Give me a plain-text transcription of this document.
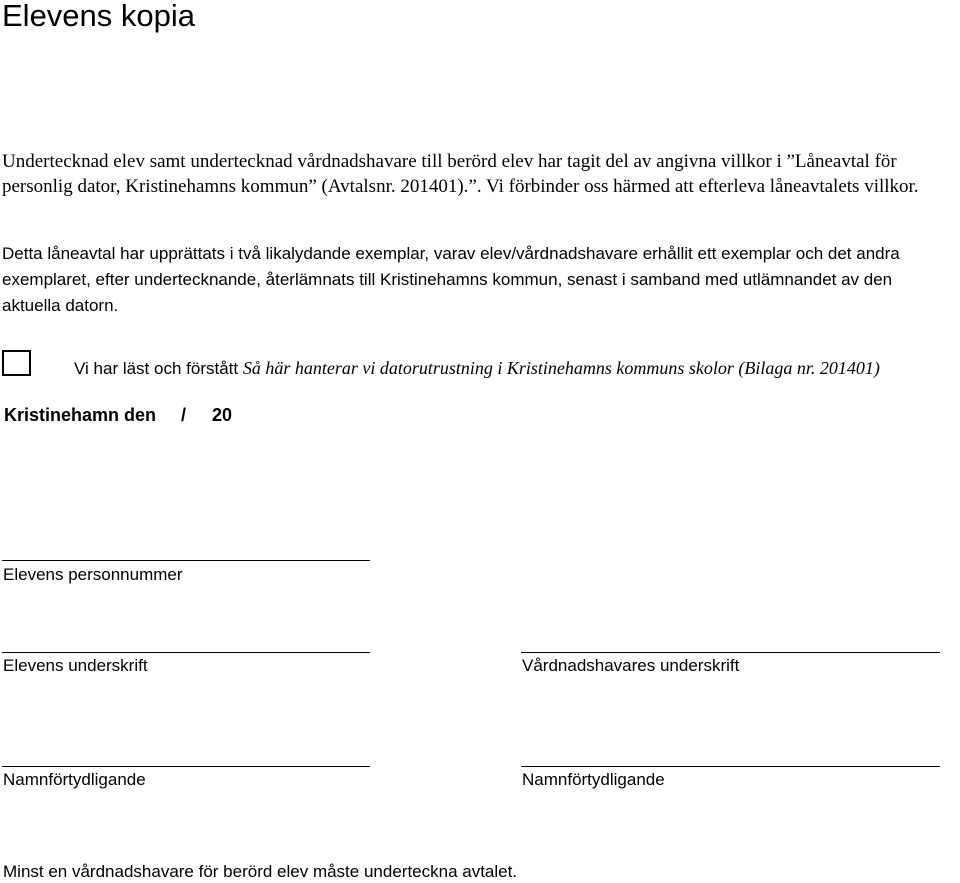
Elevens kopia
Undertecknad elev samt undertecknad vårdnadshavare till berörd elev har tagit del av angivna villkor i ”Låneavtal för personlig dator, Kristinehamns kommun” (Avtalsnr. 201401).”. Vi förbinder oss härmed att efterleva låneavtalets villkor.
Detta låneavtal har upprättats i två likalydande exemplar, varav elev/vårdnadshavare erhållit ett exemplar och det andra exemplaret, efter undertecknande, återlämnats till Kristinehamns kommun, senast i samband med utlämnandet av den aktuella datorn.
Vi har läst och förstått Så här hanterar vi datorutrustning i Kristinehamns kommuns skolor (Bilaga nr. 201401)
Kristinehamn den / 20
Elevens personnummer
Elevens underskrift	Vårdnadshavares underskrift
Namnförtydligande	Namnförtydligande
Minst en vårdnadshavare för berörd elev måste underteckna avtalet.
